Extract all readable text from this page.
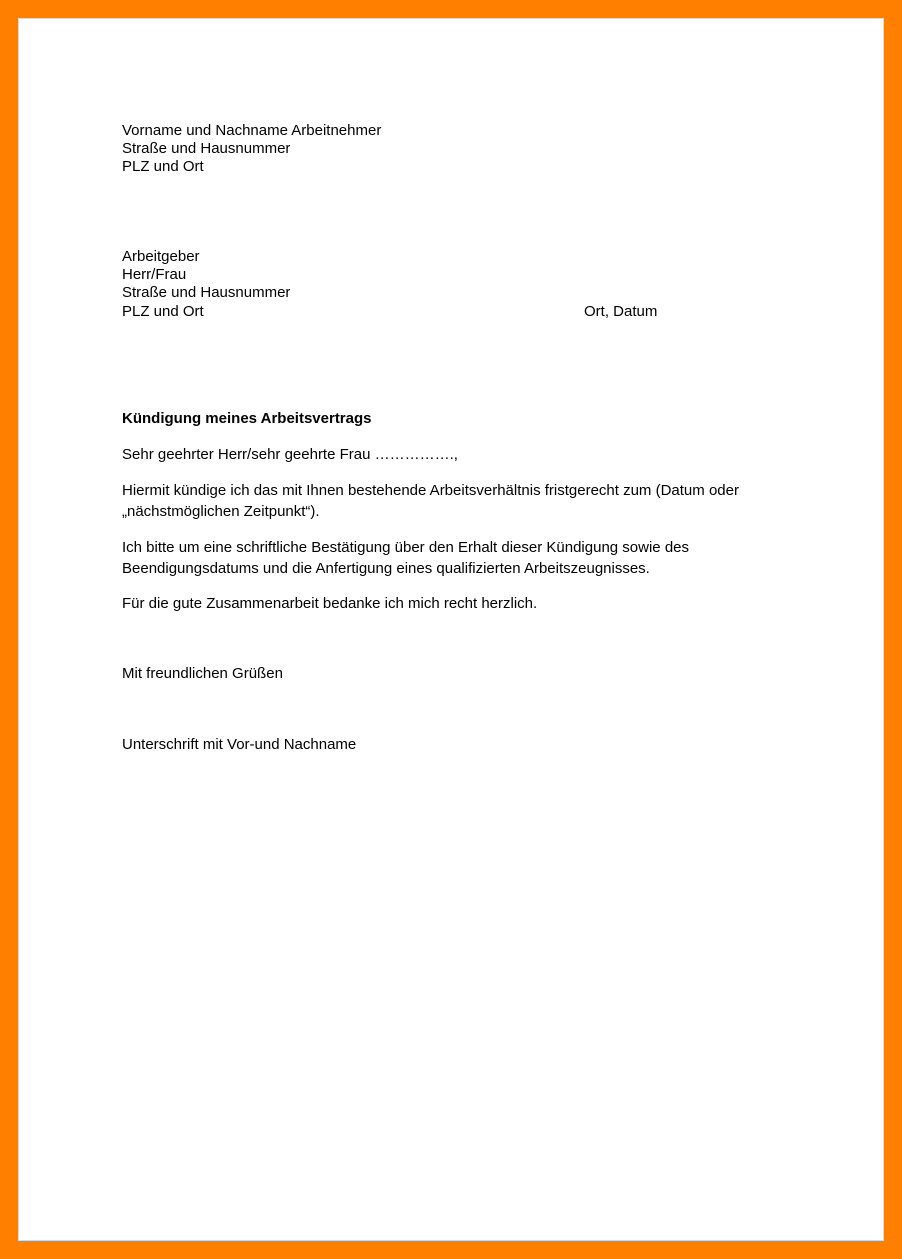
Vorname und Nachname Arbeitnehmer
Straße und Hausnummer
PLZ und Ort
Arbeitgeber
Herr/Frau
Straße und Hausnummer
PLZ und Ort	Ort, Datum
Kündigung meines Arbeitsvertrags
Sehr geehrter Herr/sehr geehrte Frau …………….,
Hiermit kündige ich das mit Ihnen bestehende Arbeitsverhältnis fristgerecht zum (Datum oder „nächstmöglichen Zeitpunkt“).
Ich bitte um eine schriftliche Bestätigung über den Erhalt dieser Kündigung sowie des Beendigungsdatums und die Anfertigung eines qualifizierten Arbeitszeugnisses.
Für die gute Zusammenarbeit bedanke ich mich recht herzlich.
Mit freundlichen Grüßen
Unterschrift mit Vor-und Nachname
